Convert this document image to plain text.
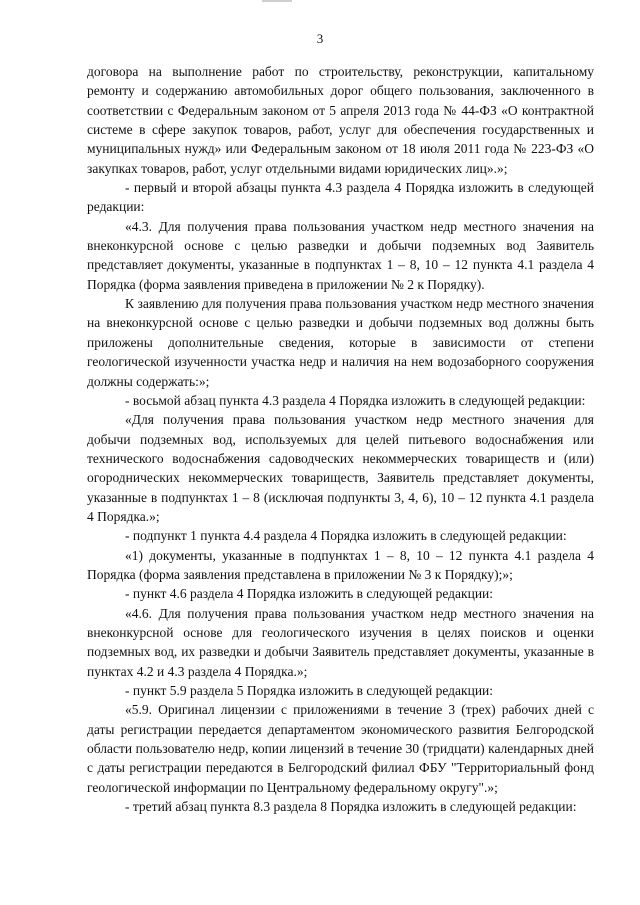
3

договора на выполнение работ по строительству, реконструкции, капитальному ремонту и содержанию автомобильных дорог общего пользования, заключенного в соответствии с Федеральным законом от 5 апреля 2013 года № 44-ФЗ «О контрактной системе в сфере закупок товаров, работ, услуг для обеспечения государственных и муниципальных нужд» или Федеральным законом от 18 июля 2011 года № 223-ФЗ «О закупках товаров, работ, услуг отдельными видами юридических лиц».»;

- первый и второй абзацы пункта 4.3 раздела 4 Порядка изложить в следующей редакции:

«4.3. Для получения права пользования участком недр местного значения на внеконкурсной основе с целью разведки и добычи подземных вод Заявитель представляет документы, указанные в подпунктах 1 – 8, 10 – 12 пункта 4.1 раздела 4 Порядка (форма заявления приведена в приложении № 2 к Порядку).

К заявлению для получения права пользования участком недр местного значения на внеконкурсной основе с целью разведки и добычи подземных вод должны быть приложены дополнительные сведения, которые в зависимости от степени геологической изученности участка недр и наличия на нем водозаборного сооружения должны содержать:»;

- восьмой абзац пункта 4.3 раздела 4 Порядка изложить в следующей редакции:

«Для получения права пользования участком недр местного значения для добычи подземных вод, используемых для целей питьевого водоснабжения или технического водоснабжения садоводческих некоммерческих товариществ и (или) огороднических некоммерческих товариществ, Заявитель представляет документы, указанные в подпунктах 1 – 8 (исключая подпункты 3, 4, 6), 10 – 12 пункта 4.1 раздела 4 Порядка.»;

- подпункт 1 пункта 4.4 раздела 4 Порядка изложить в следующей редакции:

«1) документы, указанные в подпунктах 1 – 8, 10 – 12 пункта 4.1 раздела 4 Порядка (форма заявления представлена в приложении № 3 к Порядку);»;

- пункт 4.6 раздела 4 Порядка изложить в следующей редакции:

«4.6. Для получения права пользования участком недр местного значения на внеконкурсной основе для геологического изучения в целях поисков и оценки подземных вод, их разведки и добычи Заявитель представляет документы, указанные в пунктах 4.2 и 4.3 раздела 4 Порядка.»;

- пункт 5.9 раздела 5 Порядка изложить в следующей редакции:

«5.9. Оригинал лицензии с приложениями в течение 3 (трех) рабочих дней с даты регистрации передается департаментом экономического развития Белгородской области пользователю недр, копии лицензий в течение 30 (тридцати) календарных дней с даты регистрации передаются в Белгородский филиал ФБУ "Территориальный фонд геологической информации по Центральному федеральному округу".»;

- третий абзац пункта 8.3 раздела 8 Порядка изложить в следующей редакции:
